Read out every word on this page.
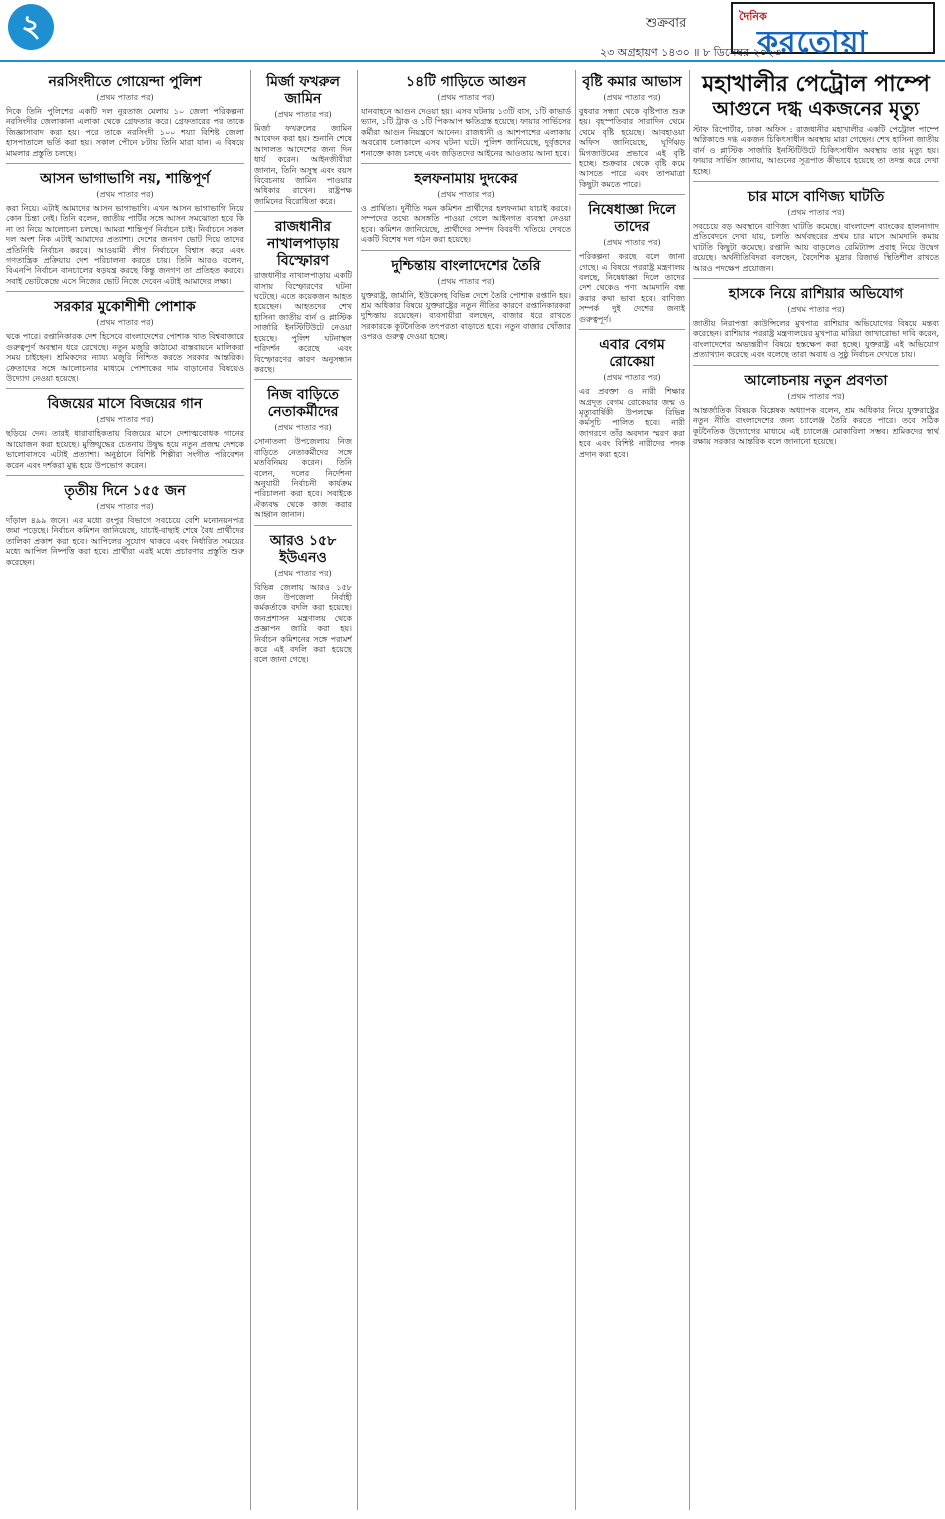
২	শুক্রবার	দৈনিক
করতোয়া
২৩ অগ্রহায়ণ ১৪৩০ ॥ ৮ ডিসেম্বর ২০২৩
নরসিংদীতে গোয়েন্দা পুলিশ
(প্রথম পাতার পর)

দিকে তিনি পুলিশের একটি দল নুরতাজ মেলায় ১০ জেলা পরিকল্পনা নরসিংদীর জেলাকানা এলাকা থেকে গ্রেফতার করে। গ্রেফতারের পর তাকে জিজ্ঞাসাবাদ করা হয়। পরে তাকে নরসিংদী ১০০ শয্যা বিশিষ্ট জেলা হাসপাতালে ভর্তি করা হয়। সকাল পৌনে ৮টায় তিনি মারা যান। এ বিষয়ে মামলার প্রস্তুতি চলছে।

আসন ভাগাভাগি নয়, শান্তিপূর্ণ
(প্রথম পাতার পর)

করা নিয়ে। এটাই আমাদের আসন ভাগাভাগি। এখন আসন ভাগাভাগি নিয়ে কোন চিন্তা নেই। তিনি বলেন, জাতীয় পার্টির সঙ্গে আসন সমঝোতা হবে কি না তা নিয়ে আলোচনা চলছে। আমরা শান্তিপূর্ণ নির্বাচন চাই। নির্বাচনে সকল দল অংশ নিক এটাই আমাদের প্রত্যাশা। দেশের জনগণ ভোট দিয়ে তাদের প্রতিনিধি নির্বাচন করবে। আওয়ামী লীগ নির্বাচনে বিশ্বাস করে এবং গণতান্ত্রিক প্রক্রিয়ায় দেশ পরিচালনা করতে চায়। তিনি আরও বলেন, বিএনপি নির্বাচন বানচালের ষড়যন্ত্র করছে কিন্তু জনগণ তা প্রতিহত করবে। সবাই ভোটকেন্দ্রে এসে নিজের ভোট নিজে দেবেন এটাই আমাদের লক্ষ্য।

সরকার মুকোশীশী পোশাক
(প্রথম পাতার পর)

থকে পারে। রপ্তানিকারক দেশ হিসেবে বাংলাদেশের পোশাক খাত বিশ্ববাজারে গুরুত্বপূর্ণ অবস্থান ধরে রেখেছে। নতুন মজুরি কাঠামো বাস্তবায়নে মালিকরা সময় চাইছেন। শ্রমিকদের ন্যায্য মজুরি নিশ্চিত করতে সরকার আন্তরিক। ক্রেতাদের সঙ্গে আলোচনার মাধ্যমে পোশাকের দাম বাড়ানোর বিষয়েও উদ্যোগ নেওয়া হয়েছে।

বিজয়ের মাসে বিজয়ের গান
(প্রথম পাতার পর)

ছড়িয়ে দেন। তারই ধারাবাহিকতায় বিজয়ের মাসে দেশাত্মবোধক গানের আয়োজন করা হয়েছে। মুক্তিযুদ্ধের চেতনায় উদ্বুদ্ধ হয়ে নতুন প্রজন্ম দেশকে ভালোবাসবে এটাই প্রত্যাশা। অনুষ্ঠানে বিশিষ্ট শিল্পীরা সংগীত পরিবেশন করেন এবং দর্শকরা মুগ্ধ হয়ে উপভোগ করেন।

তৃতীয় দিনে ১৫৫ জন
(প্রথম পাতার পর)

দাঁড়াল ৪৯৯ জনে। এর মধ্যে রংপুর বিভাগে সবচেয়ে বেশি মনোনয়নপত্র জমা পড়েছে। নির্বাচন কমিশন জানিয়েছে, যাচাই-বাছাই শেষে বৈধ প্রার্থীদের তালিকা প্রকাশ করা হবে। আপিলের সুযোগ থাকবে এবং নির্ধারিত সময়ের মধ্যে আপিল নিষ্পত্তি করা হবে। প্রার্থীরা এরই মধ্যে প্রচারণার প্রস্তুতি শুরু করেছেন।

মির্জা ফখরুল জামিন
(প্রথম পাতার পর)

মির্জা ফখরুলের জামিন আবেদন করা হয়। শুনানি শেষে আদালত আদেশের জন্য দিন ধার্য করেন। আইনজীবীরা জানান, তিনি অসুস্থ এবং বয়স বিবেচনায় জামিন পাওয়ার অধিকার রাখেন। রাষ্ট্রপক্ষ জামিনের বিরোধিতা করে।

রাজধানীর নাখালপাড়ায় বিস্ফোরণ

রাজধানীর নাখালপাড়ায় একটি বাসায় বিস্ফোরণের ঘটনা ঘটেছে। এতে কয়েকজন আহত হয়েছেন। আহতদের শেখ হাসিনা জাতীয় বার্ন ও প্লাস্টিক সার্জারি ইনস্টিটিউটে নেওয়া হয়েছে। পুলিশ ঘটনাস্থল পরিদর্শন করেছে এবং বিস্ফোরণের কারণ অনুসন্ধান করছে।

নিজ বাড়িতে নেতাকর্মীদের
(প্রথম পাতার পর)

সোনাতলা উপজেলায় নিজ বাড়িতে নেতাকর্মীদের সঙ্গে মতবিনিময় করেন। তিনি বলেন, দলের নির্দেশনা অনুযায়ী নির্বাচনী কার্যক্রম পরিচালনা করা হবে। সবাইকে ঐক্যবদ্ধ থেকে কাজ করার আহ্বান জানান।

আরও ১৫৮ ইউএনও
(প্রথম পাতার পর)

বিভিন্ন জেলায় আরও ১৫৮ জন উপজেলা নির্বাহী কর্মকর্তাকে বদলি করা হয়েছে। জনপ্রশাসন মন্ত্রণালয় থেকে প্রজ্ঞাপন জারি করা হয়। নির্বাচন কমিশনের সঙ্গে পরামর্শ করে এই বদলি করা হয়েছে বলে জানা গেছে।

১৪টি গাড়িতে আগুন
(প্রথম পাতার পর)

যানবাহনে আগুন দেওয়া হয়। এসব ঘটনায় ১৩টি বাস, ১টি কাভার্ড ভ্যান, ১টি ট্রাক ও ১টি পিকআপ ক্ষতিগ্রস্ত হয়েছে। ফায়ার সার্ভিসের কর্মীরা আগুন নিয়ন্ত্রণে আনেন। রাজধানী ও আশপাশের এলাকায় অবরোধ চলাকালে এসব ঘটনা ঘটে। পুলিশ জানিয়েছে, দুর্বৃত্তদের শনাক্তে কাজ চলছে এবং জড়িতদের আইনের আওতায় আনা হবে।

হলফনামায় দুদকের
(প্রথম পাতার পর)

ও প্রার্থিতা। দুর্নীতি দমন কমিশন প্রার্থীদের হলফনামা যাচাই করবে। সম্পদের তথ্যে অসঙ্গতি পাওয়া গেলে আইনগত ব্যবস্থা নেওয়া হবে। কমিশন জানিয়েছে, প্রার্থীদের সম্পদ বিবরণী খতিয়ে দেখতে একটি বিশেষ দল গঠন করা হয়েছে।

দুশ্চিন্তায় বাংলাদেশের তৈরি
(প্রথম পাতার পর)

যুক্তরাষ্ট্র, জার্মানি, ইউকেসহ বিভিন্ন দেশে তৈরি পোশাক রপ্তানি হয়। শ্রম অধিকার বিষয়ে যুক্তরাষ্ট্রের নতুন নীতির কারণে রপ্তানিকারকরা দুশ্চিন্তায় রয়েছেন। ব্যবসায়ীরা বলছেন, বাজার ধরে রাখতে সরকারকে কূটনৈতিক তৎপরতা বাড়াতে হবে। নতুন বাজার খোঁজার ওপরও গুরুত্ব দেওয়া হচ্ছে।

বৃষ্টি কমার আভাস
(প্রথম পাতার পর)

বুধবার সন্ধ্যা থেকে বৃষ্টিপাত শুরু হয়। বৃহস্পতিবার সারাদিন থেমে থেমে বৃষ্টি হয়েছে। আবহাওয়া অফিস জানিয়েছে, ঘূর্ণিঝড় মিগজাউমের প্রভাবে এই বৃষ্টি হচ্ছে। শুক্রবার থেকে বৃষ্টি কমে আসতে পারে এবং তাপমাত্রা কিছুটা কমতে পারে।

নিষেধাজ্ঞা দিলে তাদের
(প্রথম পাতার পর)

পরিকল্পনা করছে বলে জানা গেছে। এ বিষয়ে পররাষ্ট্র মন্ত্রণালয় বলছে, নিষেধাজ্ঞা দিলে তাদের দেশ থেকেও পণ্য আমদানি বন্ধ করার কথা ভাবা হবে। বাণিজ্য সম্পর্ক দুই দেশের জন্যই গুরুত্বপূর্ণ।

এবার বেগম রোকেয়া
(প্রথম পাতার পর)

এর প্রবক্তা ও নারী শিক্ষার অগ্রদূত বেগম রোকেয়ার জন্ম ও মৃত্যুবার্ষিকী উপলক্ষে বিভিন্ন কর্মসূচি পালিত হবে। নারী জাগরণে তাঁর অবদান স্মরণ করা হবে এবং বিশিষ্ট নারীদের পদক প্রদান করা হবে।

মহাখালীর পেট্রোল পাম্পে
আগুনে দগ্ধ একজনের মৃত্যু

স্টাফ রিপোর্টার, ঢাকা অফিস : রাজধানীর মহাখালীর একটি পেট্রোল পাম্পে অগ্নিকাণ্ডে দগ্ধ একজন চিকিৎসাধীন অবস্থায় মারা গেছেন। শেখ হাসিনা জাতীয় বার্ন ও প্লাস্টিক সার্জারি ইনস্টিটিউটে চিকিৎসাধীন অবস্থায় তার মৃত্যু হয়। ফায়ার সার্ভিস জানায়, আগুনের সূত্রপাত কীভাবে হয়েছে তা তদন্ত করে দেখা হচ্ছে।

চার মাসে বাণিজ্য ঘাটতি
(প্রথম পাতার পর)

সবচেয়ে বড় অবস্থানে বাণিজ্য ঘাটতি কমেছে। বাংলাদেশ ব্যাংকের হালনাগাদ প্রতিবেদনে দেখা যায়, চলতি অর্থবছরের প্রথম চার মাসে আমদানি কমায় ঘাটতি কিছুটা কমেছে। রপ্তানি আয় বাড়লেও রেমিট্যান্স প্রবাহ নিয়ে উদ্বেগ রয়েছে। অর্থনীতিবিদরা বলছেন, বৈদেশিক মুদ্রার রিজার্ভ স্থিতিশীল রাখতে আরও পদক্ষেপ প্রয়োজন।

হাসকে নিয়ে রাশিয়ার অভিযোগ
(প্রথম পাতার পর)

জাতীয় নিরাপত্তা কাউন্সিলের মুখপাত্র রাশিয়ার অভিযোগের বিষয়ে মন্তব্য করেছেন। রাশিয়ার পররাষ্ট্র মন্ত্রণালয়ের মুখপাত্র মারিয়া জাখারোভা দাবি করেন, বাংলাদেশের অভ্যন্তরীণ বিষয়ে হস্তক্ষেপ করা হচ্ছে। যুক্তরাষ্ট্র এই অভিযোগ প্রত্যাখ্যান করেছে এবং বলেছে তারা অবাধ ও সুষ্ঠু নির্বাচন দেখতে চায়।

আলোচনায় নতুন প্রবণতা
(প্রথম পাতার পর)

আন্তর্জাতিক বিষয়ক বিশ্লেষক অধ্যাপক বলেন, শ্রম অধিকার নিয়ে যুক্তরাষ্ট্রের নতুন নীতি বাংলাদেশের জন্য চ্যালেঞ্জ তৈরি করতে পারে। তবে সঠিক কূটনৈতিক উদ্যোগের মাধ্যমে এই চ্যালেঞ্জ মোকাবিলা সম্ভব। শ্রমিকদের স্বার্থ রক্ষায় সরকার আন্তরিক বলে জানানো হয়েছে।
